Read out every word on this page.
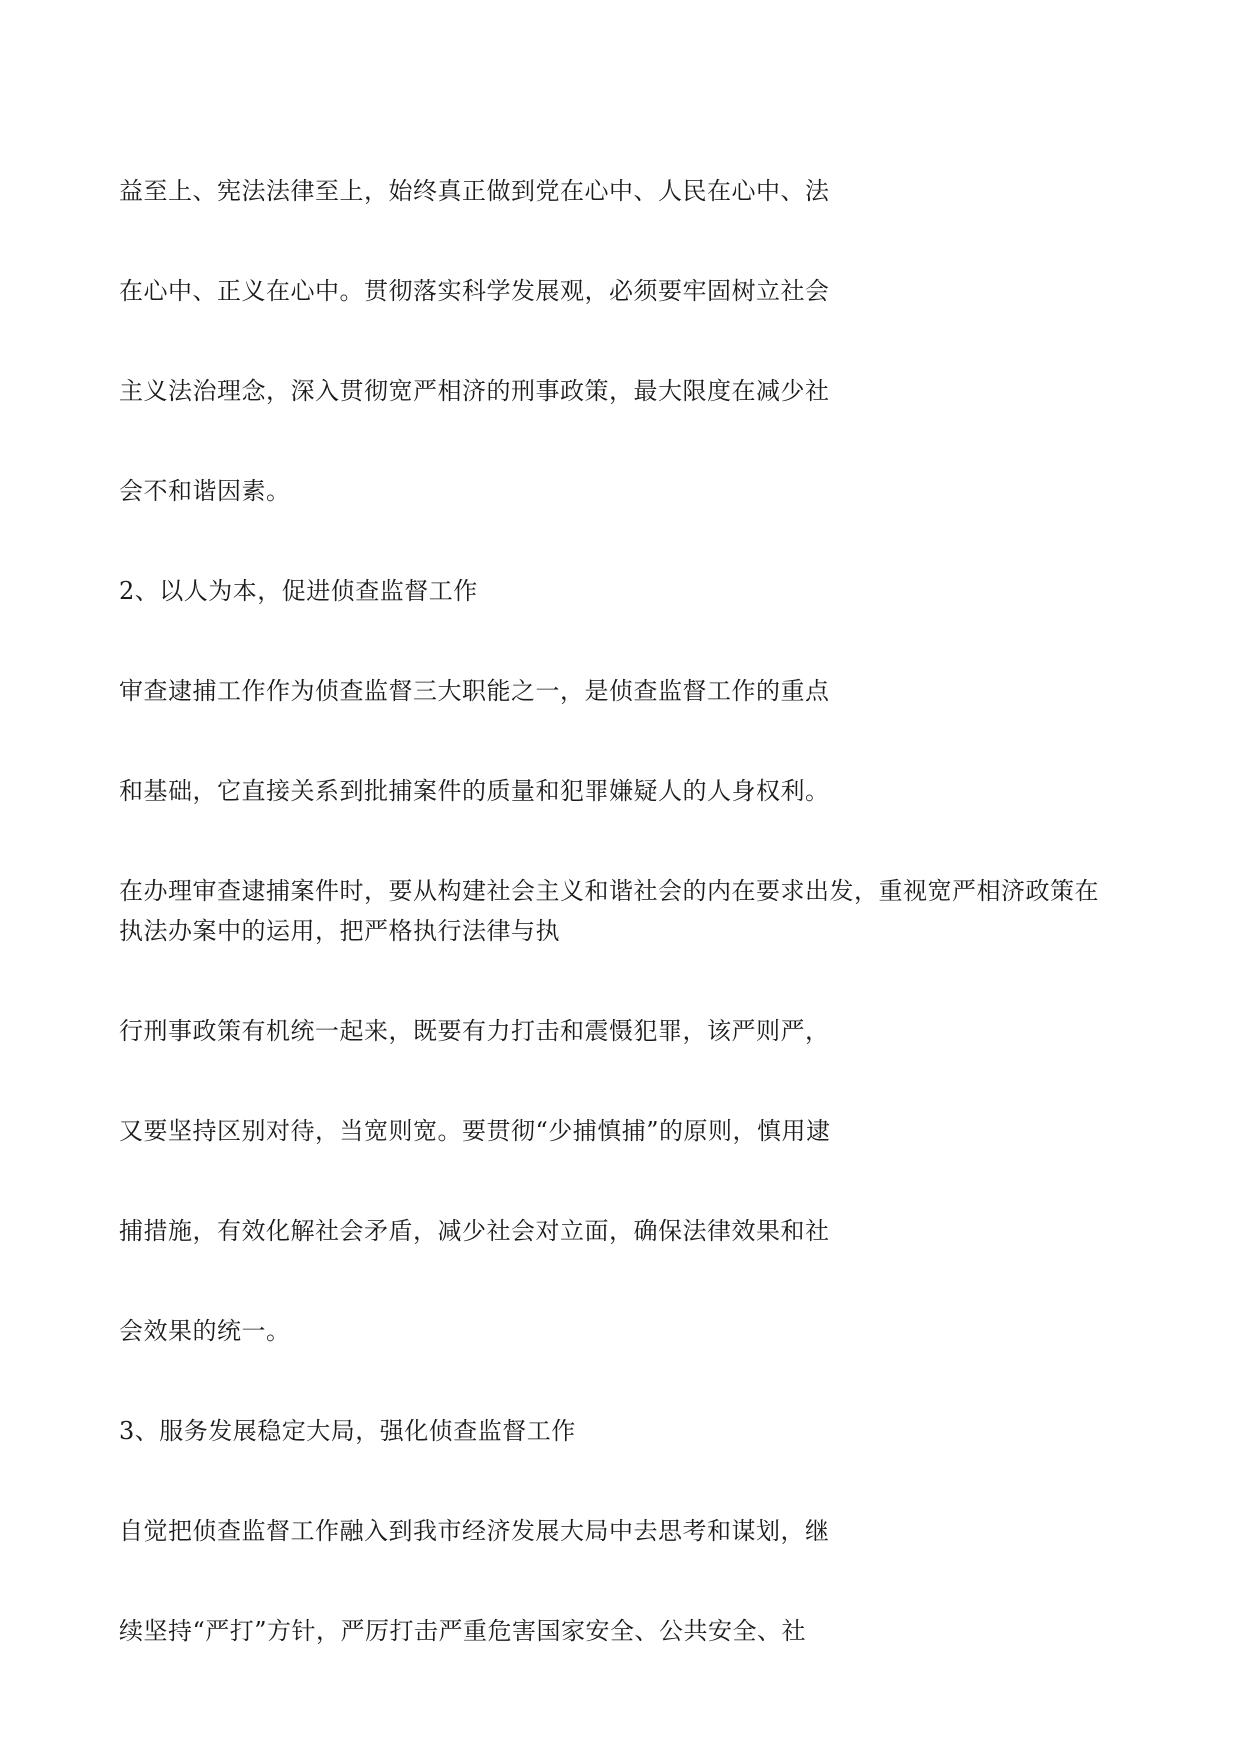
益至上、宪法法律至上，始终真正做到党在心中、人民在心中、法

在心中、正义在心中。贯彻落实科学发展观，必须要牢固树立社会

主义法治理念，深入贯彻宽严相济的刑事政策，最大限度在减少社

会不和谐因素。

2、以人为本，促进侦查监督工作

审查逮捕工作作为侦查监督三大职能之一，是侦查监督工作的重点

和基础，它直接关系到批捕案件的质量和犯罪嫌疑人的人身权利。

在办理审查逮捕案件时，要从构建社会主义和谐社会的内在要求出发，重视宽严相济政策在

执法办案中的运用，把严格执行法律与执

行刑事政策有机统一起来，既要有力打击和震慑犯罪，该严则严，

又要坚持区别对待，当宽则宽。要贯彻“少捕慎捕”的原则，慎用逮

捕措施，有效化解社会矛盾，减少社会对立面，确保法律效果和社

会效果的统一。

3、服务发展稳定大局，强化侦查监督工作

自觉把侦查监督工作融入到我市经济发展大局中去思考和谋划，继

续坚持“严打”方针，严厉打击严重危害国家安全、公共安全、社
